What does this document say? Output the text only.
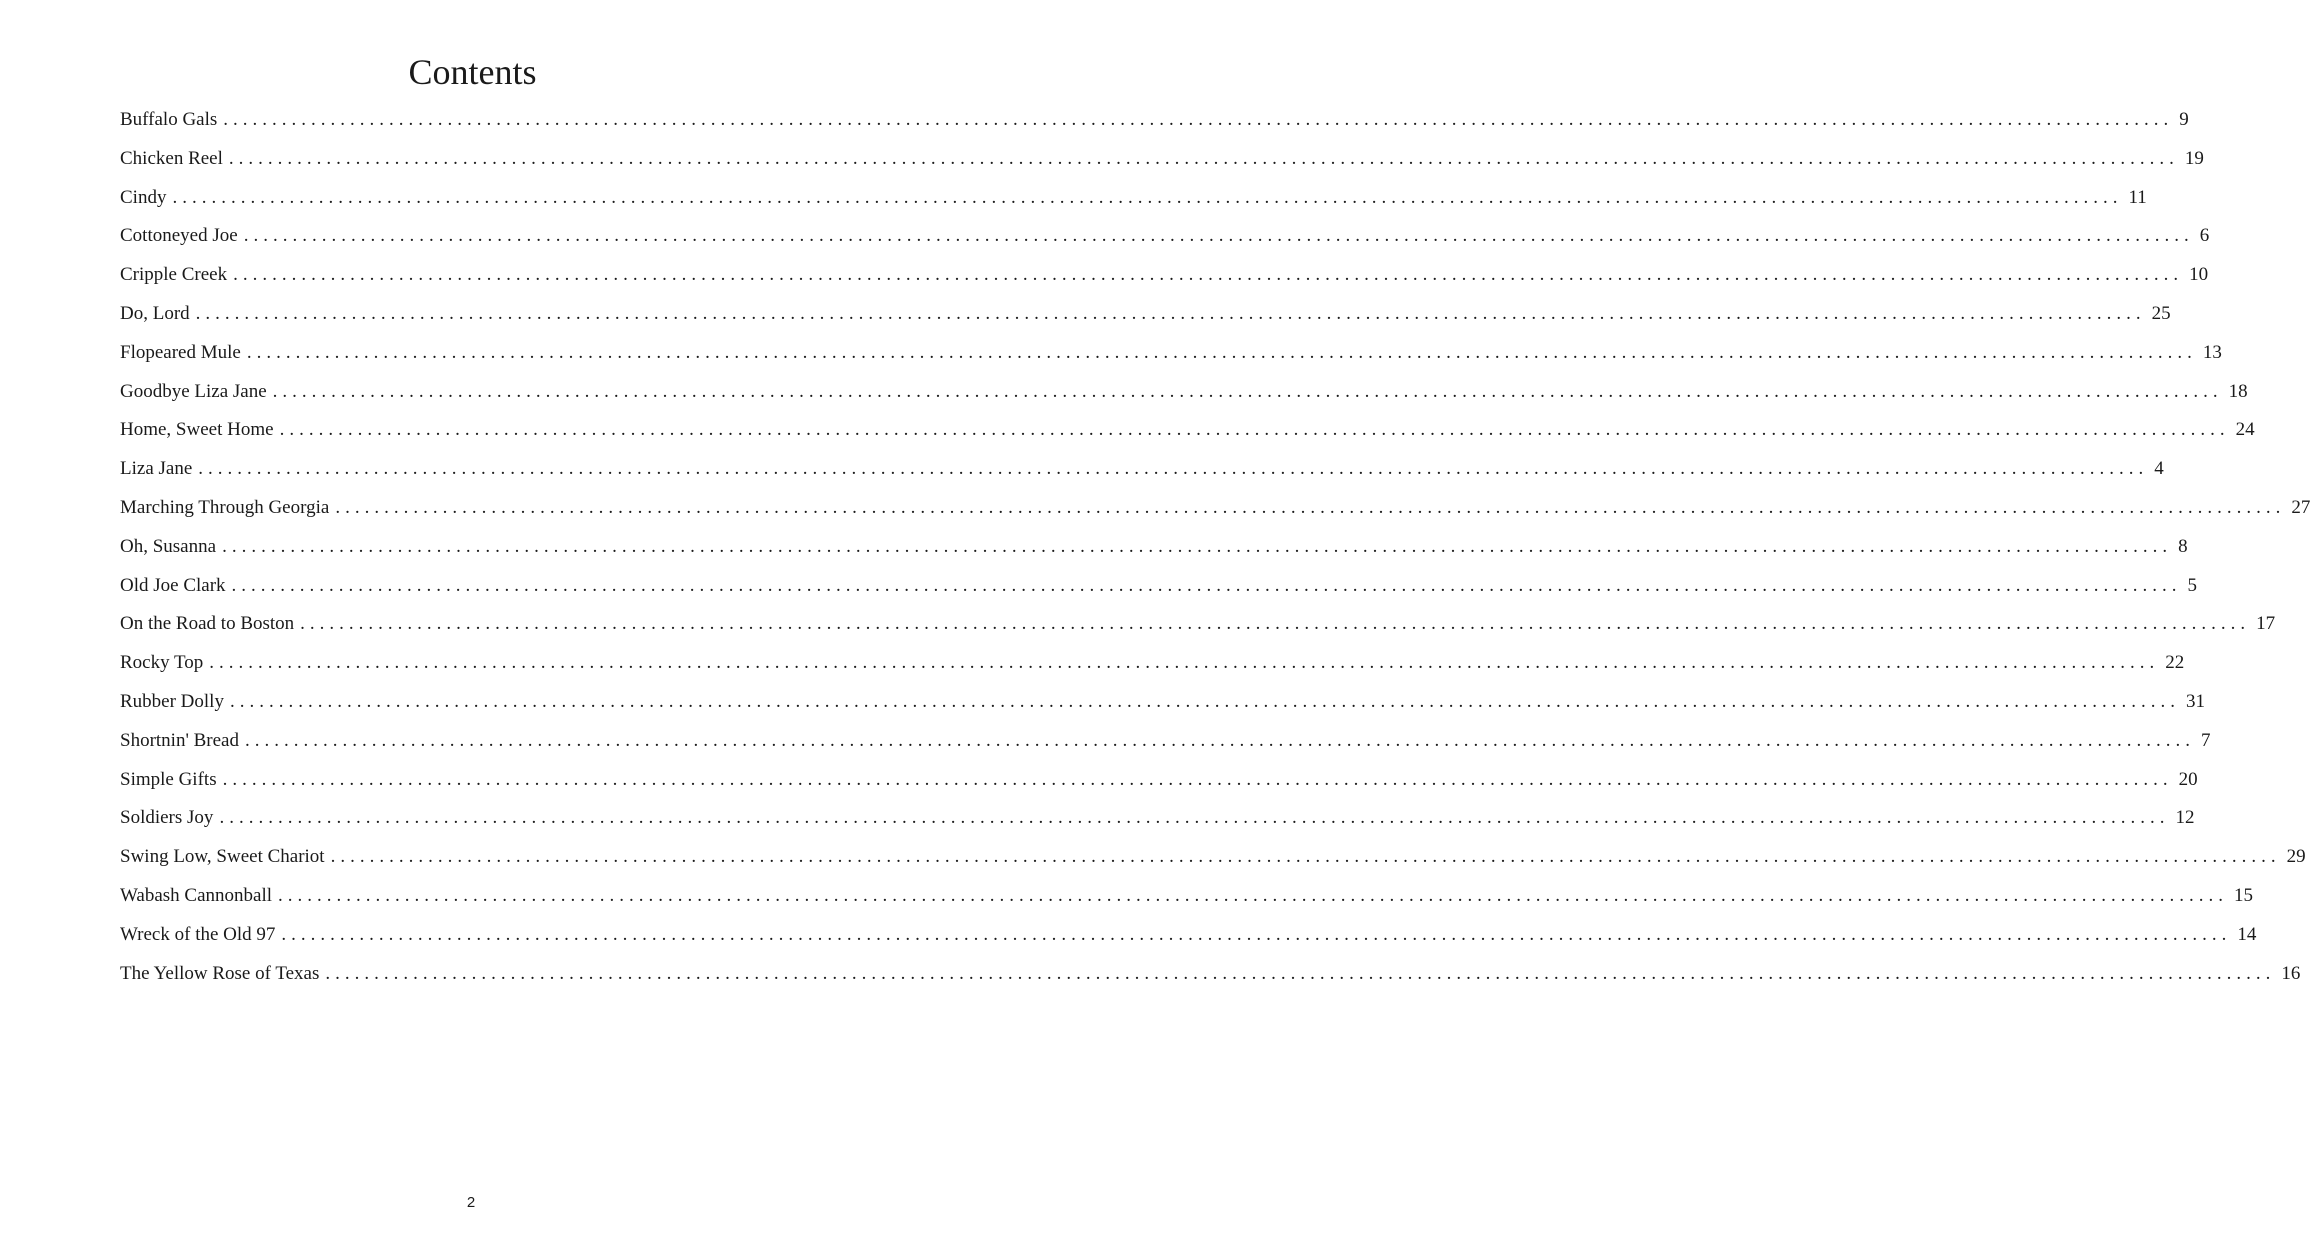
Contents
Buffalo Gals ........................................................................................................................................................................................................ 9
Chicken Reel ........................................................................................................................................................................................................ 19
Cindy ........................................................................................................................................................................................................ 11
Cottoneyed Joe ........................................................................................................................................................................................................ 6
Cripple Creek ........................................................................................................................................................................................................ 10
Do, Lord ........................................................................................................................................................................................................ 25
Flopeared Mule ........................................................................................................................................................................................................ 13
Goodbye Liza Jane ........................................................................................................................................................................................................ 18
Home, Sweet Home ........................................................................................................................................................................................................ 24
Liza Jane ........................................................................................................................................................................................................ 4
Marching Through Georgia ........................................................................................................................................................................................................ 27
Oh, Susanna ........................................................................................................................................................................................................ 8
Old Joe Clark ........................................................................................................................................................................................................ 5
On the Road to Boston ........................................................................................................................................................................................................ 17
Rocky Top ........................................................................................................................................................................................................ 22
Rubber Dolly ........................................................................................................................................................................................................ 31
Shortnin' Bread ........................................................................................................................................................................................................ 7
Simple Gifts ........................................................................................................................................................................................................ 20
Soldiers Joy ........................................................................................................................................................................................................ 12
Swing Low, Sweet Chariot ........................................................................................................................................................................................................ 29
Wabash Cannonball ........................................................................................................................................................................................................ 15
Wreck of the Old 97 ........................................................................................................................................................................................................ 14
The Yellow Rose of Texas ........................................................................................................................................................................................................ 16
2
